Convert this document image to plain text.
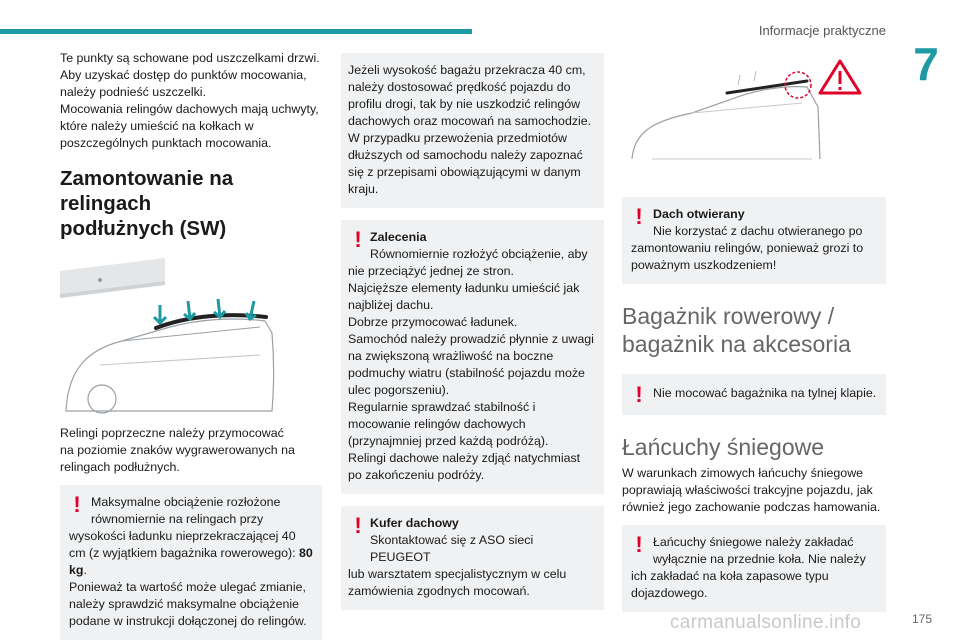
Informacje praktyczne
7
Te punkty są schowane pod uszczelkami drzwi.
Aby uzyskać dostęp do punktów mocowania, należy podnieść uszczelki.
Mocowania relingów dachowych mają uchwyty, które należy umieścić na kołkach w poszczególnych punktach mocowania.
Zamontowanie na relingach
podłużnych (SW)
Relingi poprzeczne należy przymocować
na poziomie znaków wygrawerowanych na relingach podłużnych.
! Maksymalne obciążenie rozłożone
równomiernie na relingach przy
wysokości ładunku nieprzekraczającej 40 cm (z wyjątkiem bagażnika rowerowego): 80 kg.
Ponieważ ta wartość może ulegać zmianie, należy sprawdzić maksymalne obciążenie podane w instrukcji dołączonej do relingów.
Jeżeli wysokość bagażu przekracza 40 cm, należy dostosować prędkość pojazdu do profilu drogi, tak by nie uszkodzić relingów dachowych oraz mocowań na samochodzie.
W przypadku przewożenia przedmiotów dłuższych od samochodu należy zapoznać się z przepisami obowiązującymi w danym kraju.
! Zalecenia
Równomiernie rozłożyć obciążenie, aby
nie przeciążyć jednej ze stron.
Najcięższe elementy ładunku umieścić jak najbliżej dachu.
Dobrze przymocować ładunek.
Samochód należy prowadzić płynnie z uwagi na zwiększoną wrażliwość na boczne podmuchy wiatru (stabilność pojazdu może ulec pogorszeniu).
Regularnie sprawdzać stabilność i mocowanie relingów dachowych (przynajmniej przed każdą podróżą).
Relingi dachowe należy zdjąć natychmiast po zakończeniu podróży.
! Kufer dachowy
Skontaktować się z ASO sieci PEUGEOT
lub warsztatem specjalistycznym w celu zamówienia zgodnych mocowań.
! Dach otwierany
Nie korzystać z dachu otwieranego po
zamontowaniu relingów, ponieważ grozi to poważnym uszkodzeniem!
Bagażnik rowerowy /
bagażnik na akcesoria
! Nie mocować bagażnika na tylnej klapie.
Łańcuchy śniegowe
W warunkach zimowych łańcuchy śniegowe poprawiają właściwości trakcyjne pojazdu, jak również jego zachowanie podczas hamowania.
! Łańcuchy śniegowe należy zakładać
wyłącznie na przednie koła. Nie należy
ich zakładać na koła zapasowe typu dojazdowego.
carmanualsonline.info	175
